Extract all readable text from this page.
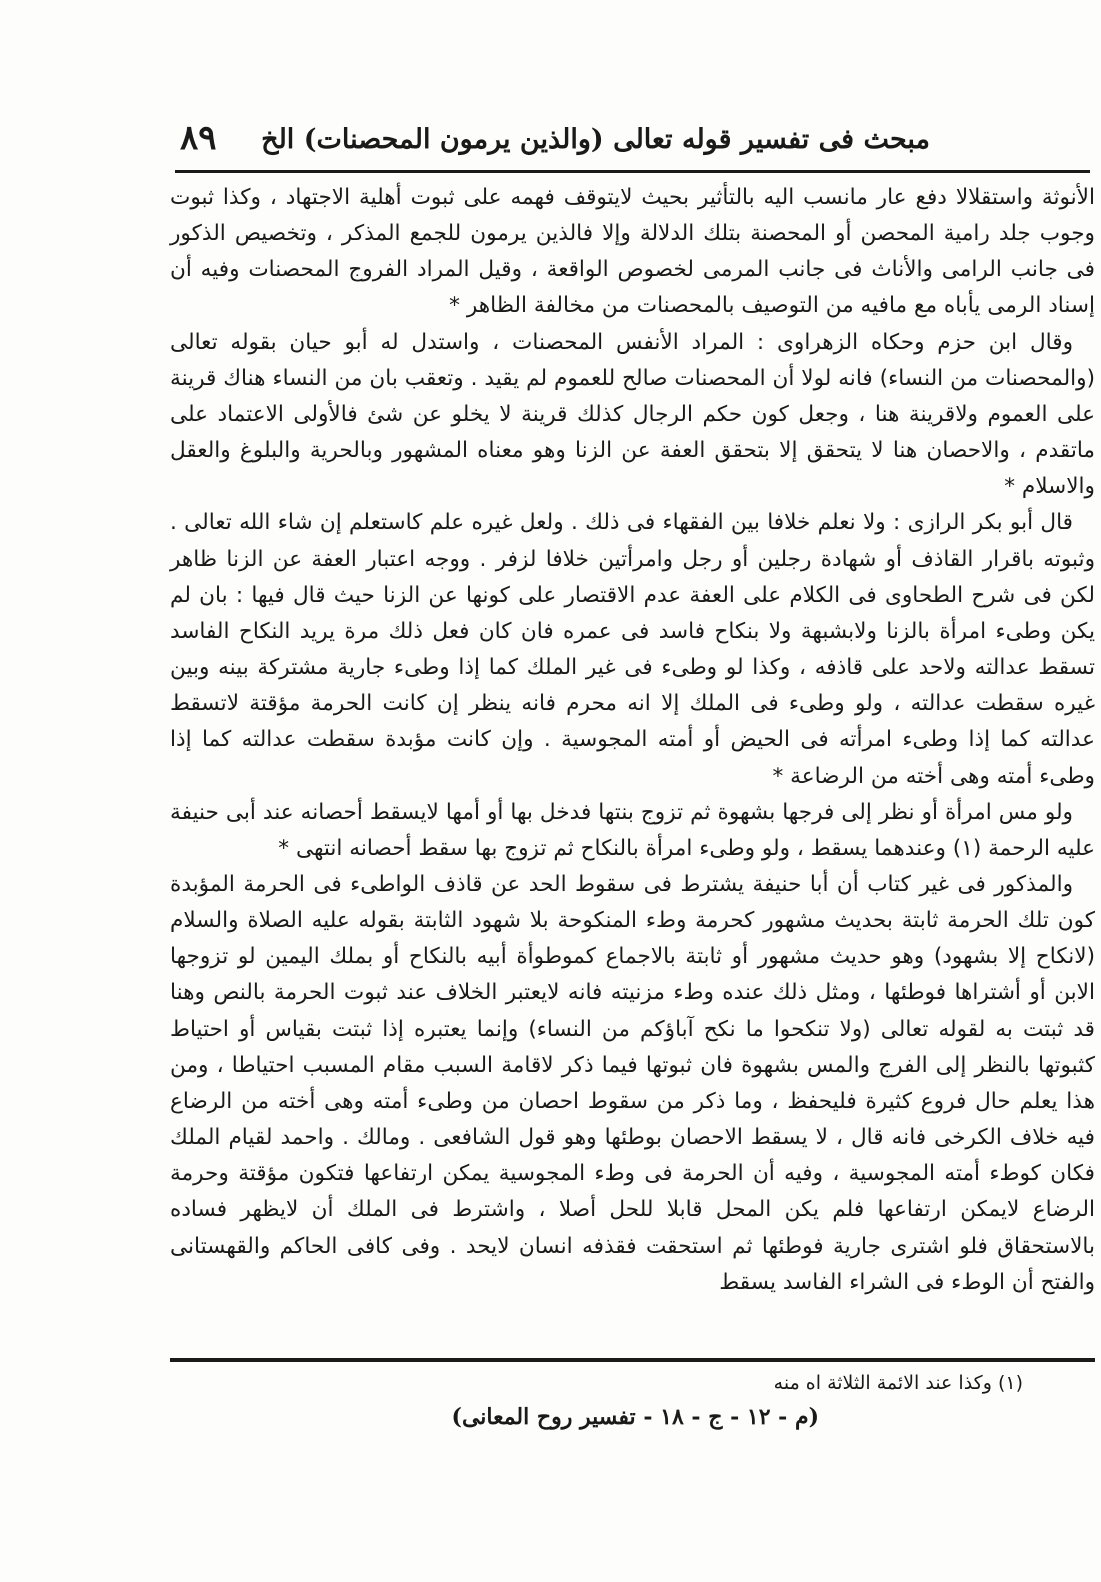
مبحث فى تفسير قوله تعالى (والذين يرمون المحصنات) الخ
٨٩

الأنوثة واستقلالا دفع عار مانسب اليه بالتأثير بحيث لايتوقف فهمه على ثبوت أهلية الاجتهاد ، وكذا ثبوت وجوب جلد رامية المحصن أو المحصنة بتلك الدلالة وإلا فالذين يرمون للجمع المذكر ، وتخصيص الذكور فى جانب الرامى والأناث فى جانب المرمى لخصوص الواقعة ، وقيل المراد الفروج المحصنات وفيه أن إسناد الرمى يأباه مع مافيه من التوصيف بالمحصنات من مخالفة الظاهر *

وقال ابن حزم وحكاه الزهراوى : المراد الأنفس المحصنات ، واستدل له أبو حيان بقوله تعالى (والمحصنات من النساء) فانه لولا أن المحصنات صالح للعموم لم يقيد . وتعقب بان من النساء هناك قرينة على العموم ولاقرينة هنا ، وجعل كون حكم الرجال كذلك قرينة لا يخلو عن شئ فالأولى الاعتماد على ماتقدم ، والاحصان هنا لا يتحقق إلا بتحقق العفة عن الزنا وهو معناه المشهور وبالحرية والبلوغ والعقل والاسلام *

قال أبو بكر الرازى : ولا نعلم خلافا بين الفقهاء فى ذلك . ولعل غيره علم كاستعلم إن شاء الله تعالى . وثبوته باقرار القاذف أو شهادة رجلين أو رجل وامرأتين خلافا لزفر . ووجه اعتبار العفة عن الزنا ظاهر لكن فى شرح الطحاوى فى الكلام على العفة عدم الاقتصار على كونها عن الزنا حيث قال فيها : بان لم يكن وطىء امرأة بالزنا ولابشبهة ولا بنكاح فاسد فى عمره فان كان فعل ذلك مرة يريد النكاح الفاسد تسقط عدالته ولاحد على قاذفه ، وكذا لو وطىء فى غير الملك كما إذا وطىء جارية مشتركة بينه وبين غيره سقطت عدالته ، ولو وطىء فى الملك إلا انه محرم فانه ينظر إن كانت الحرمة مؤقتة لاتسقط عدالته كما إذا وطىء امرأته فى الحيض أو أمته المجوسية . وإن كانت مؤبدة سقطت عدالته كما إذا وطىء أمته وهى أخته من الرضاعة *

ولو مس امرأة أو نظر إلى فرجها بشهوة ثم تزوج بنتها فدخل بها أو أمها لايسقط أحصانه عند أبى حنيفة عليه الرحمة (١) وعندهما يسقط ، ولو وطىء امرأة بالنكاح ثم تزوج بها سقط أحصانه انتهى *

والمذكور فى غير كتاب أن أبا حنيفة يشترط فى سقوط الحد عن قاذف الواطىء فى الحرمة المؤبدة كون تلك الحرمة ثابتة بحديث مشهور كحرمة وطء المنكوحة بلا شهود الثابتة بقوله عليه الصلاة والسلام (لانكاح إلا بشهود) وهو حديث مشهور أو ثابتة بالاجماع كموطوأة أبيه بالنكاح أو بملك اليمين لو تزوجها الابن أو أشتراها فوطئها ، ومثل ذلك عنده وطء مزنيته فانه لايعتبر الخلاف عند ثبوت الحرمة بالنص وهنا قد ثبتت به لقوله تعالى (ولا تنكحوا ما نكح آباؤكم من النساء) وإنما يعتبره إذا ثبتت بقياس أو احتياط كثبوتها بالنظر إلى الفرج والمس بشهوة فان ثبوتها فيما ذكر لاقامة السبب مقام المسبب احتياطا ، ومن هذا يعلم حال فروع كثيرة فليحفظ ، وما ذكر من سقوط احصان من وطىء أمته وهى أخته من الرضاع فيه خلاف الكرخى فانه قال ، لا يسقط الاحصان بوطئها وهو قول الشافعى . ومالك . واحمد لقيام الملك فكان كوطء أمته المجوسية ، وفيه أن الحرمة فى وطء المجوسية يمكن ارتفاعها فتكون مؤقتة وحرمة الرضاع لايمكن ارتفاعها فلم يكن المحل قابلا للحل أصلا ، واشترط فى الملك أن لايظهر فساده بالاستحقاق فلو اشترى جارية فوطئها ثم استحقت فقذفه انسان لايحد . وفى كافى الحاكم والقهستانى والفتح أن الوطء فى الشراء الفاسد يسقط

(١) وكذا عند الائمة الثلاثة اه منه
(م - ١٢ - ج - ١٨ - تفسير روح المعانى)
